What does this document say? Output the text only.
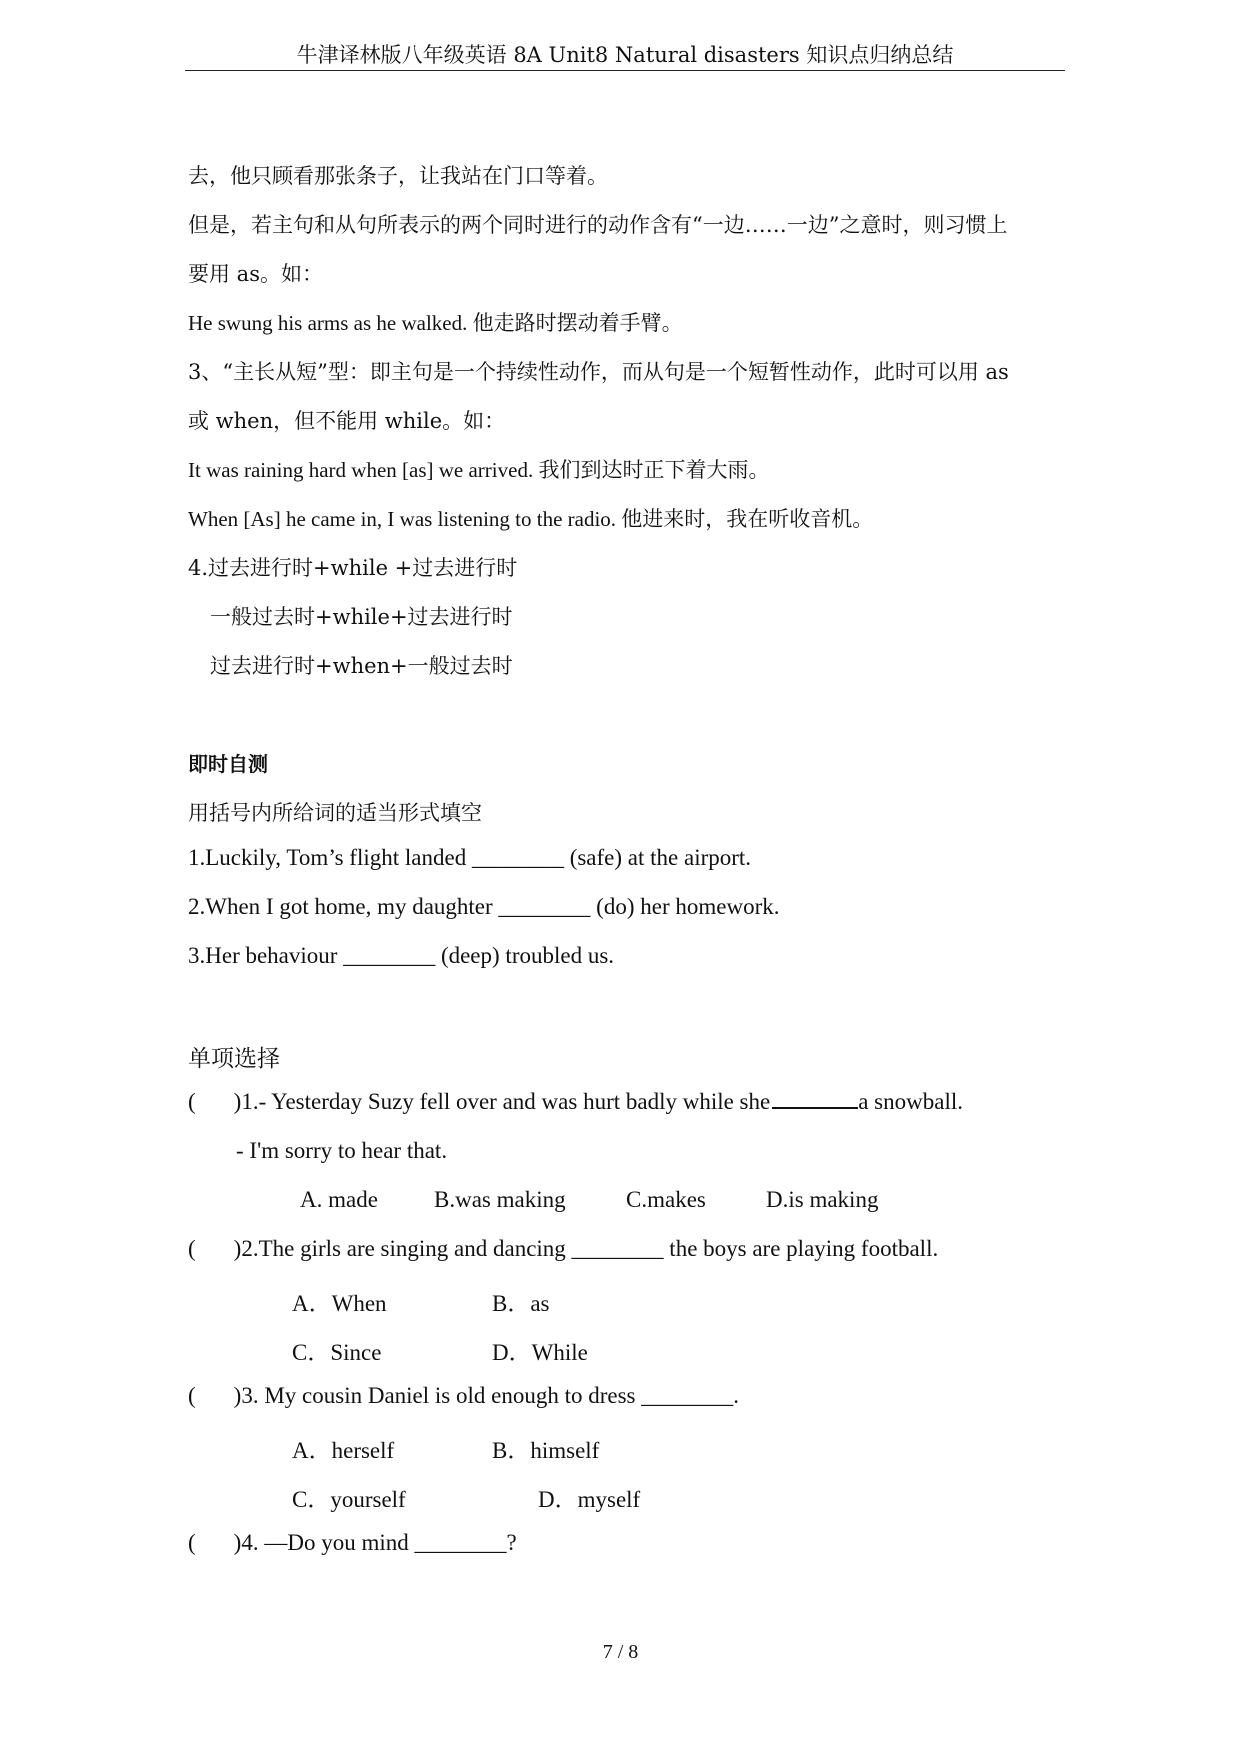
牛津译林版八年级英语 8A Unit8 Natural disasters 知识点归纳总结
去，他只顾看那张条子，让我站在门口等着。
但是，若主句和从句所表示的两个同时进行的动作含有“一边……一边”之意时，则习惯上
要用 as。如：
He swung his arms as he walked. 他走路时摆动着手臂。
3、“主长从短”型：即主句是一个持续性动作，而从句是一个短暂性动作，此时可以用 as
或 when，但不能用 while。如：
It was raining hard when [as] we arrived. 我们到达时正下着大雨。
When [As] he came in, I was listening to the radio. 他进来时，我在听收音机。
4.过去进行时+while +过去进行时
一般过去时+while+过去进行时
过去进行时+when+一般过去时
即时自测
用括号内所给词的适当形式填空
1.Luckily, Tom’s flight landed ________ (safe) at the airport.
2.When I got home, my daughter ________ (do) her homework.
3.Her behaviour ________ (deep) troubled us.
单项选择
( )1.- Yesterday Suzy fell over and was hurt badly while she	a snowball.
- I'm sorry to hear that.
A. made B.was making	C.makes	D.is making
( )2.The girls are singing and dancing ________ the boys are playing football.
A．When	B．as
C．Since	D．While
( )3. My cousin Daniel is old enough to dress ________.
A．herself	B．himself
C．yourself	D．myself
( )4. —Do you mind ________?
7 / 8
